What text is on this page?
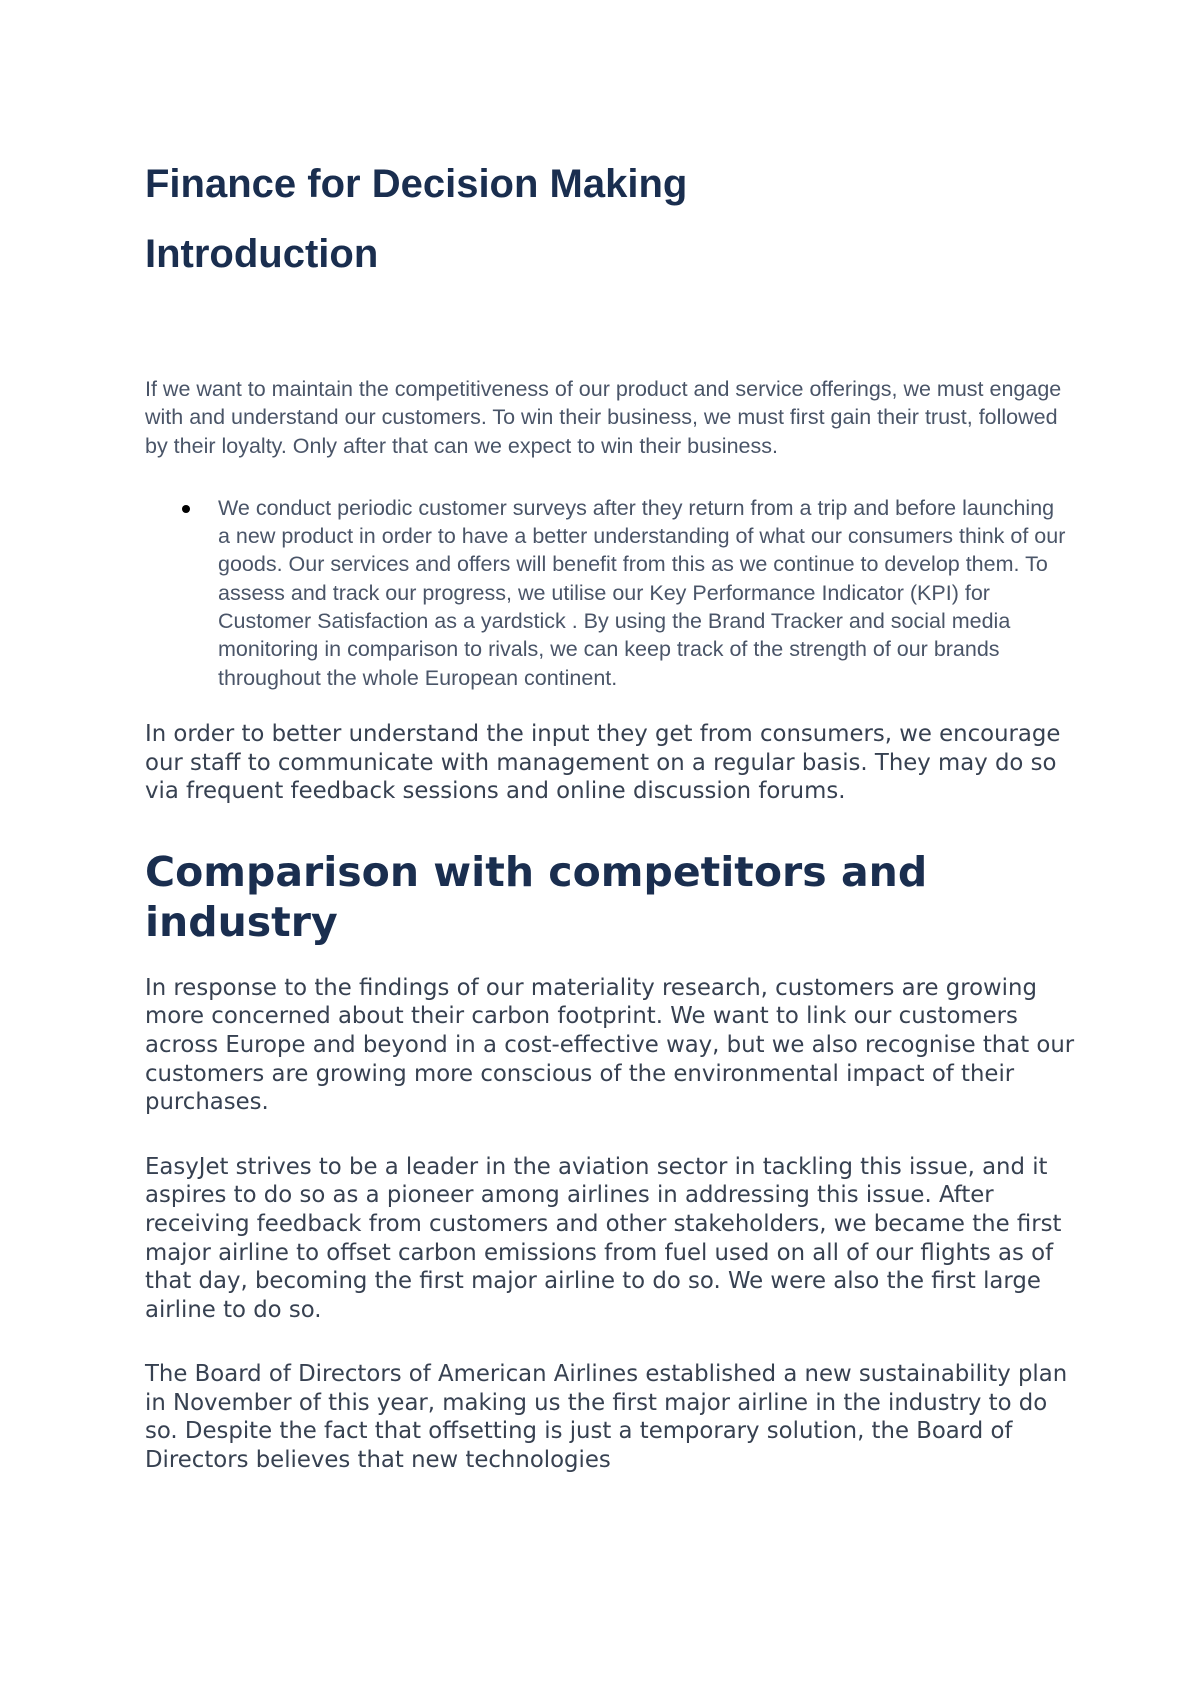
Finance for Decision Making
Introduction

If we want to maintain the competitiveness of our product and service offerings, we must engage with and understand our customers. To win their business, we must first gain their trust, followed by their loyalty. Only after that can we expect to win their business.

We conduct periodic customer surveys after they return from a trip and before launching a new product in order to have a better understanding of what our consumers think of our goods. Our services and offers will benefit from this as we continue to develop them. To assess and track our progress, we utilise our Key Performance Indicator (KPI) for Customer Satisfaction as a yardstick . By using the Brand Tracker and social media monitoring in comparison to rivals, we can keep track of the strength of our brands throughout the whole European continent.

In order to better understand the input they get from consumers, we encourage our staff to communicate with management on a regular basis. They may do so via frequent feedback sessions and online discussion forums.

Comparison with competitors and industry

In response to the findings of our materiality research, customers are growing more concerned about their carbon footprint. We want to link our customers across Europe and beyond in a cost-effective way, but we also recognise that our customers are growing more conscious of the environmental impact of their purchases.

EasyJet strives to be a leader in the aviation sector in tackling this issue, and it aspires to do so as a pioneer among airlines in addressing this issue. After receiving feedback from customers and other stakeholders, we became the first major airline to offset carbon emissions from fuel used on all of our flights as of that day, becoming the first major airline to do so. We were also the first large airline to do so.

The Board of Directors of American Airlines established a new sustainability plan in November of this year, making us the first major airline in the industry to do so. Despite the fact that offsetting is just a temporary solution, the Board of Directors believes that new technologies
